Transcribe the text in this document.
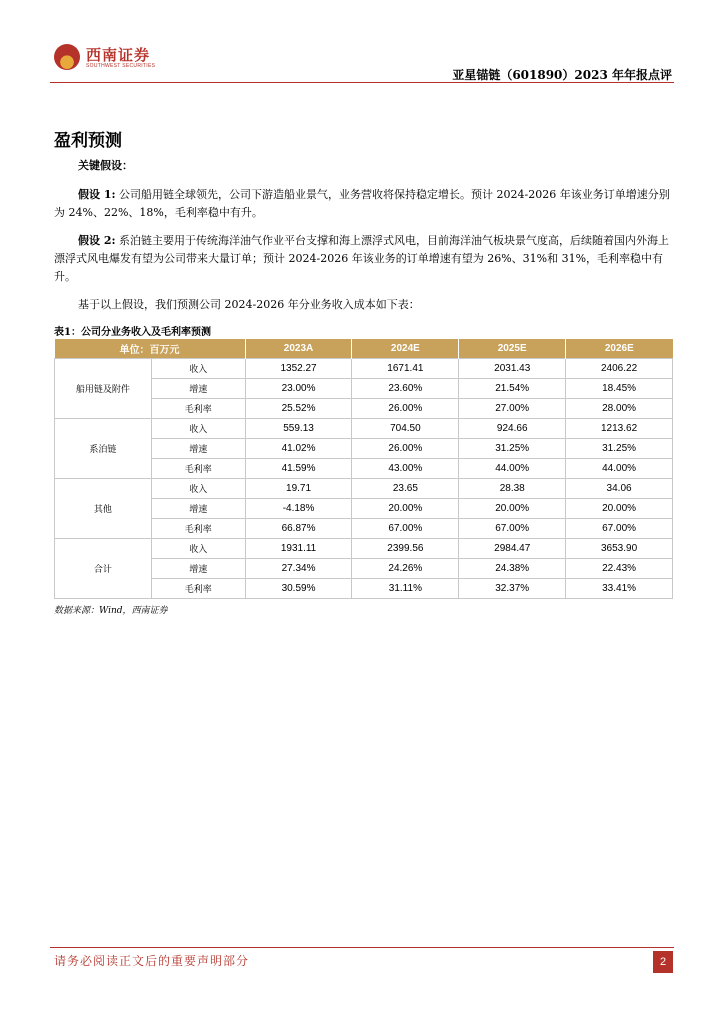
西南证券
SOUTHWEST SECURITIES
亚星锚链（601890）2023 年年报点评
盈利预测
关键假设：
假设 1: 公司船用链全球领先，公司下游造船业景气，业务营收将保持稳定增长。预计 2024-2026 年该业务订单增速分别为 24%、22%、18%，毛利率稳中有升。
假设 2: 系泊链主要用于传统海洋油气作业平台支撑和海上漂浮式风电，目前海洋油气板块景气度高，后续随着国内外海上漂浮式风电爆发有望为公司带来大量订单；预计 2024-2026 年该业务的订单增速有望为 26%、31%和 31%，毛利率稳中有升。
基于以上假设，我们预测公司 2024-2026 年分业务收入成本如下表：
表1：公司分业务收入及毛利率预测
单位：百万元		2023A	2024E	2025E	2026E
船用链及附件	收入	1352.27	1671.41	2031.43	2406.22
	增速	23.00%	23.60%	21.54%	18.45%
	毛利率	25.52%	26.00%	27.00%	28.00%
系泊链	收入	559.13	704.50	924.66	1213.62
	增速	41.02%	26.00%	31.25%	31.25%
	毛利率	41.59%	43.00%	44.00%	44.00%
其他	收入	19.71	23.65	28.38	34.06
	增速	-4.18%	20.00%	20.00%	20.00%
	毛利率	66.87%	67.00%	67.00%	67.00%
合计	收入	1931.11	2399.56	2984.47	3653.90
	增速	27.34%	24.26%	24.38%	22.43%
	毛利率	30.59%	31.11%	32.37%	33.41%
数据来源：Wind，西南证券
请务必阅读正文后的重要声明部分	2
